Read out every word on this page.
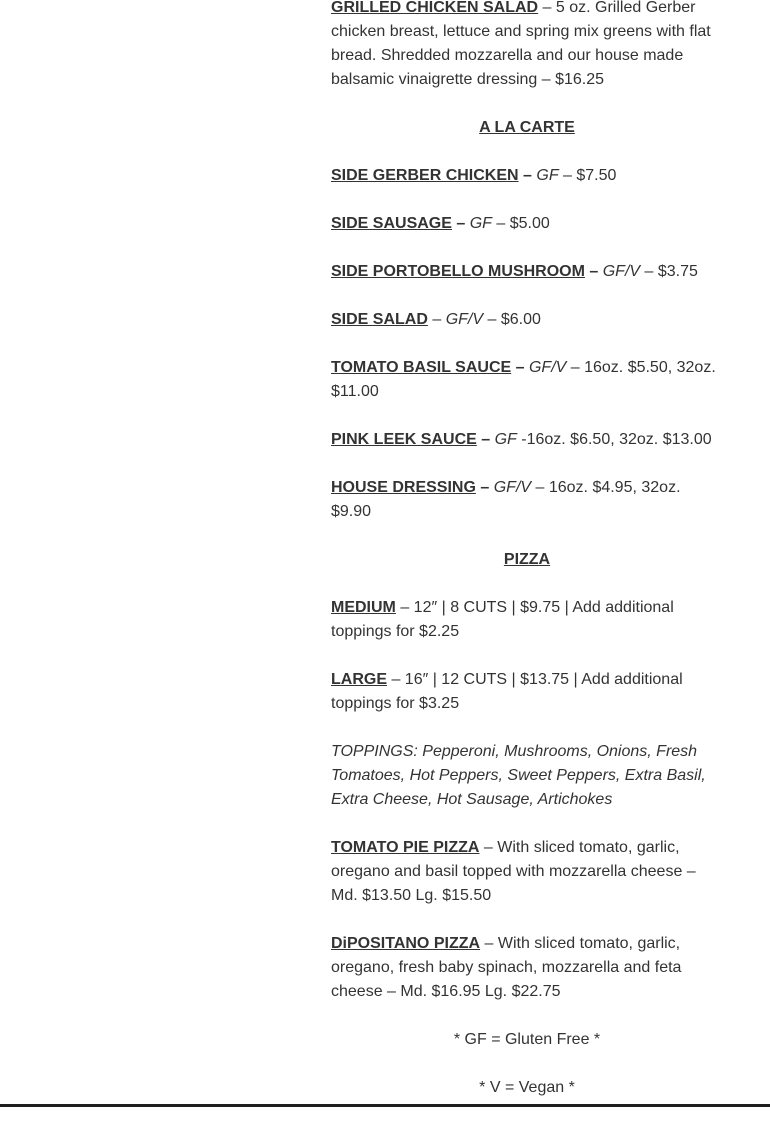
GRILLED CHICKEN SALAD – 5 oz. Grilled Gerber chicken breast, lettuce and spring mix greens with flat bread. Shredded mozzarella and our house made balsamic vinaigrette dressing – $16.25

A LA CARTE

SIDE GERBER CHICKEN – GF – $7.50

SIDE SAUSAGE – GF – $5.00

SIDE PORTOBELLO MUSHROOM – GF/V – $3.75

SIDE SALAD – GF/V – $6.00

TOMATO BASIL SAUCE – GF/V – 16oz. $5.50, 32oz. $11.00

PINK LEEK SAUCE – GF -16oz. $6.50, 32oz. $13.00

HOUSE DRESSING – GF/V – 16oz. $4.95, 32oz. $9.90

PIZZA

MEDIUM – 12″ | 8 CUTS | $9.75 | Add additional toppings for $2.25

LARGE – 16″ | 12 CUTS | $13.75 | Add additional toppings for $3.25

TOPPINGS: Pepperoni, Mushrooms, Onions, Fresh Tomatoes, Hot Peppers, Sweet Peppers, Extra Basil, Extra Cheese, Hot Sausage, Artichokes

TOMATO PIE PIZZA – With sliced tomato, garlic, oregano and basil topped with mozzarella cheese – Md. $13.50 Lg. $15.50

DiPOSITANO PIZZA – With sliced tomato, garlic, oregano, fresh baby spinach, mozzarella and feta cheese – Md. $16.95 Lg. $22.75

* GF = Gluten Free *

* V = Vegan *
